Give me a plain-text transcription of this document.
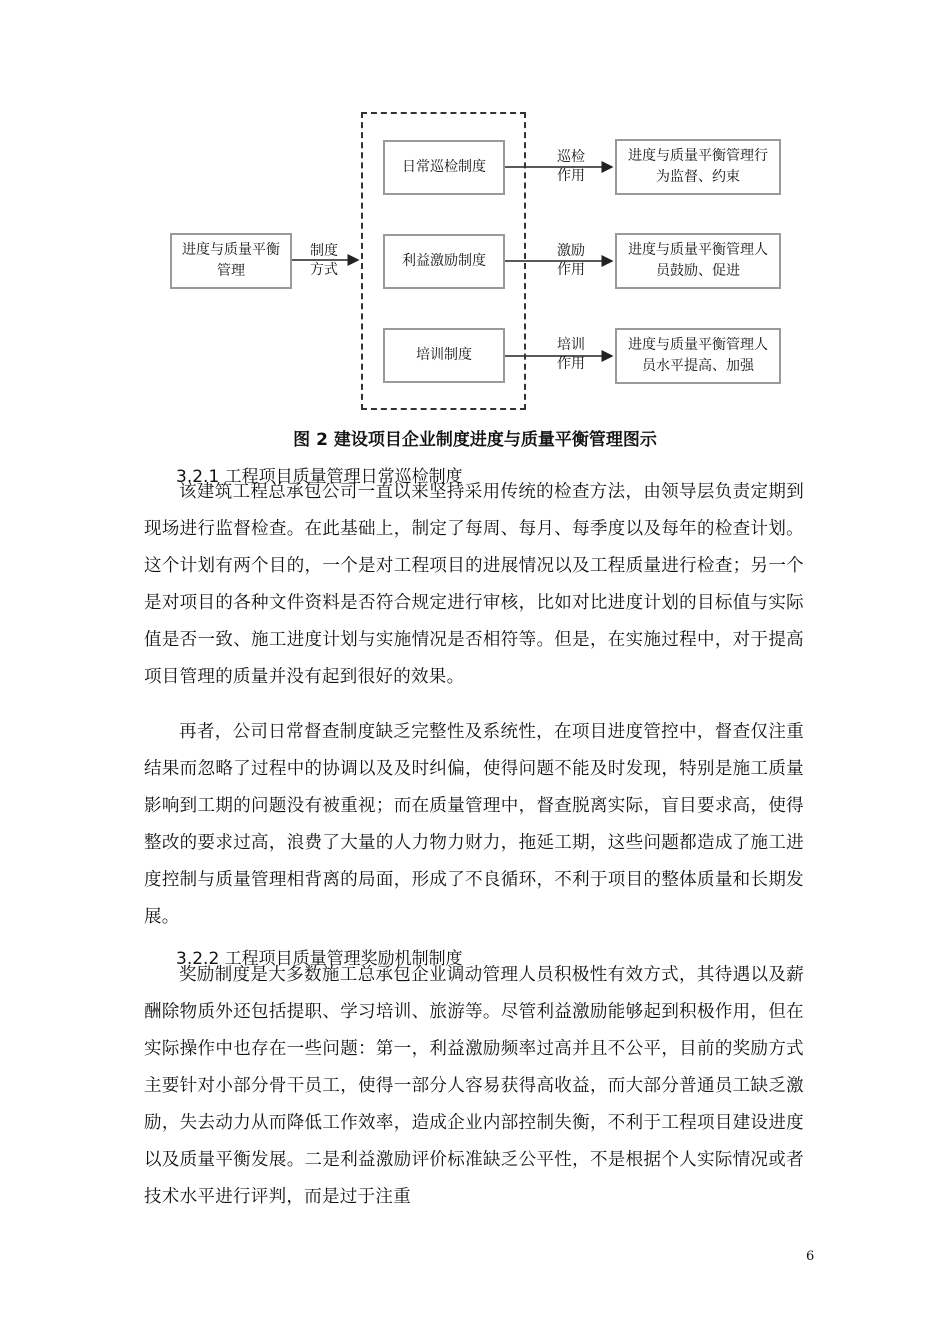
进度与质量平衡
管理
制度
方式
日常巡检制度
利益激励制度
培训制度
巡检
作用
激励
作用
培训
作用
进度与质量平衡管理行
为监督、约束
进度与质量平衡管理人
员鼓励、促进
进度与质量平衡管理人
员水平提高、加强
图 2 建设项目企业制度进度与质量平衡管理图示
3.2.1 工程项目质量管理日常巡检制度

该建筑工程总承包公司一直以来坚持采用传统的检查方法，由领导层负责定期到现场进行监督检查。在此基础上，制定了每周、每月、每季度以及每年的检查计划。这个计划有两个目的，一个是对工程项目的进展情况以及工程质量进行检查；另一个是对项目的各种文件资料是否符合规定进行审核，比如对比进度计划的目标值与实际值是否一致、施工进度计划与实施情况是否相符等。但是，在实施过程中，对于提高项目管理的质量并没有起到很好的效果。

再者，公司日常督查制度缺乏完整性及系统性，在项目进度管控中，督查仅注重结果而忽略了过程中的协调以及及时纠偏，使得问题不能及时发现，特别是施工质量影响到工期的问题没有被重视；而在质量管理中，督查脱离实际，盲目要求高，使得整改的要求过高，浪费了大量的人力物力财力，拖延工期，这些问题都造成了施工进度控制与质量管理相背离的局面，形成了不良循环，不利于项目的整体质量和长期发展。

3.2.2 工程项目质量管理奖励机制制度

奖励制度是大多数施工总承包企业调动管理人员积极性有效方式，其待遇以及薪酬除物质外还包括提职、学习培训、旅游等。尽管利益激励能够起到积极作用，但在实际操作中也存在一些问题：第一，利益激励频率过高并且不公平，目前的奖励方式主要针对小部分骨干员工，使得一部分人容易获得高收益，而大部分普通员工缺乏激励，失去动力从而降低工作效率，造成企业内部控制失衡，不利于工程项目建设进度以及质量平衡发展。二是利益激励评价标准缺乏公平性，不是根据个人实际情况或者技术水平进行评判，而是过于注重

6
